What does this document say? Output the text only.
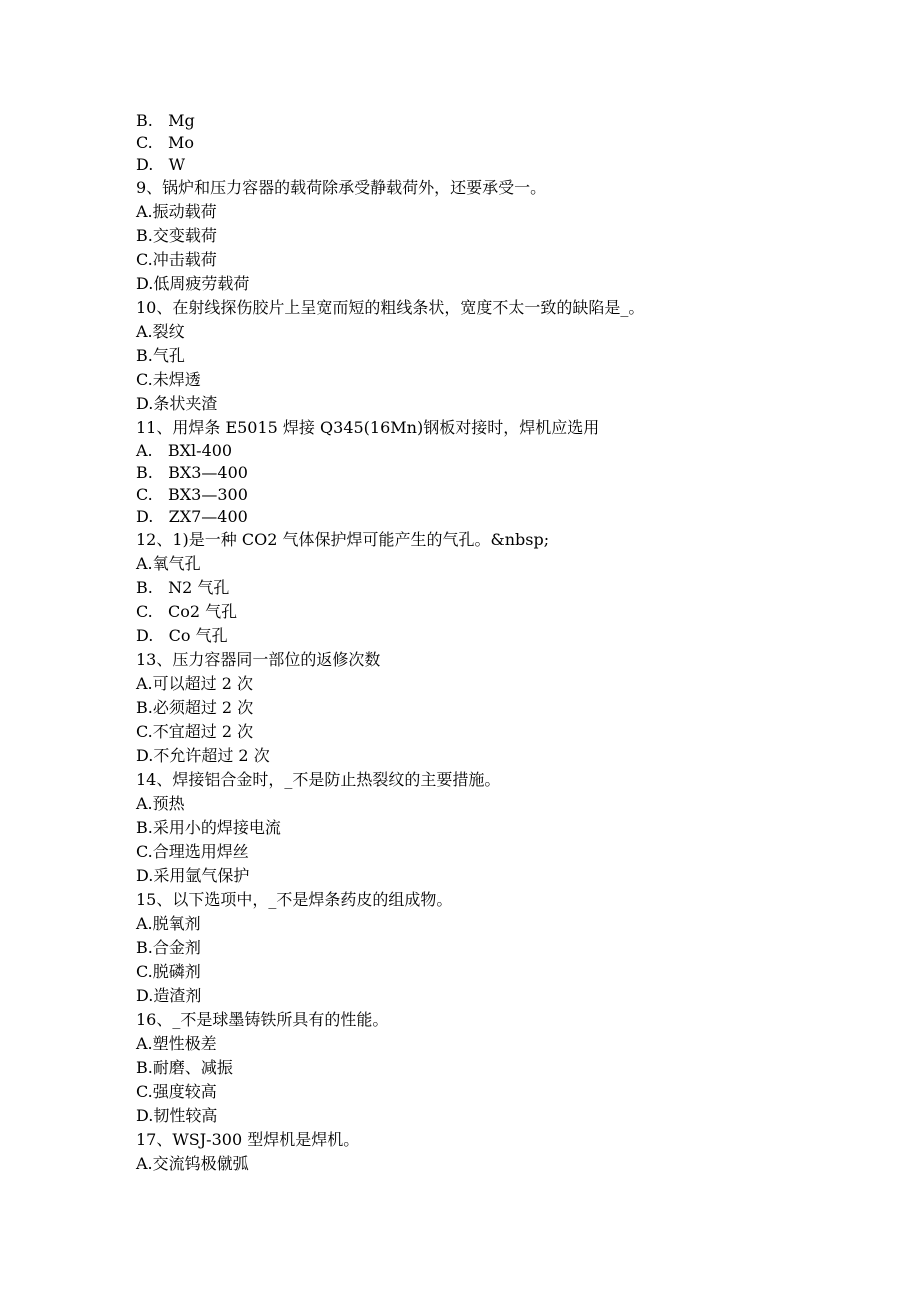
B.   Mg
C.   Mo
D.   W
9、锅炉和压力容器的载荷除承受静载荷外，还要承受一。
A.振动载荷
B.交变载荷
C.冲击载荷
D.低周疲劳载荷
10、在射线探伤胶片上呈宽而短的粗线条状，宽度不太一致的缺陷是_。
A.裂纹
B.气孔
C.未焊透
D.条状夹渣
11、用焊条 E5015 焊接 Q345(16Mn)钢板对接时，焊机应选用
A.   BXl-400
B.   BX3—400
C.   BX3—300
D.   ZX7—400
12、1)是一种 CO2 气体保护焊可能产生的气孔。&nbsp;
A.氧气孔
B.   N2 气孔
C.   Co2 气孔
D.   Co 气孔
13、压力容器同一部位的返修次数
A.可以超过 2 次
B.必须超过 2 次
C.不宜超过 2 次
D.不允许超过 2 次
14、焊接铝合金时，_不是防止热裂纹的主要措施。
A.预热
B.采用小的焊接电流
C.合理选用焊丝
D.采用氩气保护
15、以下选项中，_不是焊条药皮的组成物。
A.脱氧剂
B.合金剂
C.脱磷剂
D.造渣剂
16、_不是球墨铸铁所具有的性能。
A.塑性极差
B.耐磨、减振
C.强度较高
D.韧性较高
17、WSJ-300 型焊机是焊机。
A.交流钨极僦弧
